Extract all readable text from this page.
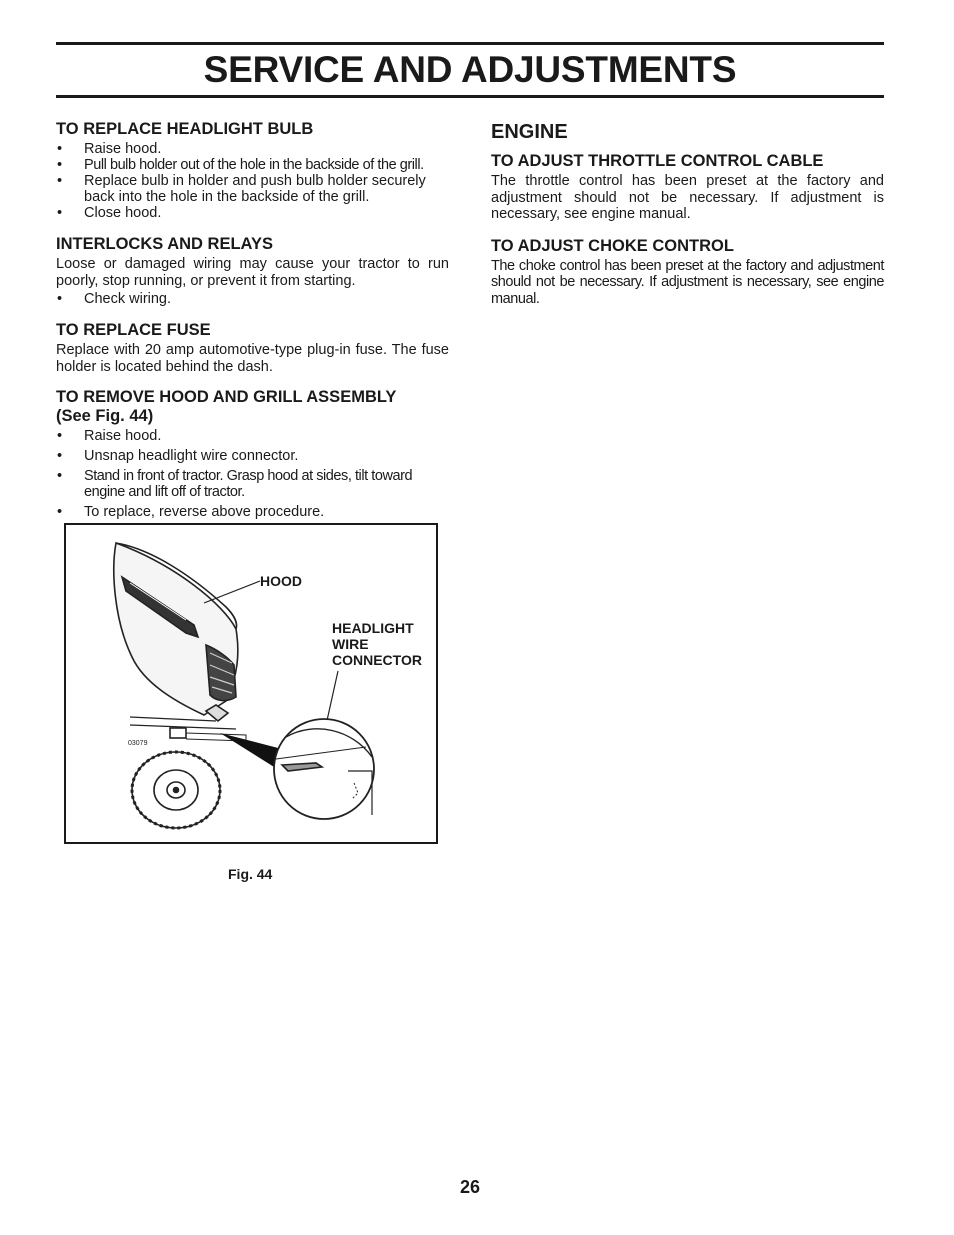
SERVICE AND ADJUSTMENTS
TO REPLACE HEADLIGHT BULB
• Raise hood.
• Pull bulb holder out of the hole in the backside of the grill.
• Replace bulb in holder and push bulb holder securely back into the hole in the backside of the grill.
• Close hood.
INTERLOCKS AND RELAYS

Loose or damaged wiring may cause your tractor to run poorly, stop running, or prevent it from starting.

• Check wiring.
TO REPLACE FUSE

Replace with 20 amp automotive-type plug-in fuse. The fuse holder is located behind the dash.

TO REMOVE HOOD AND GRILL ASSEMBLY
(See Fig. 44)
• Raise hood.
• Unsnap headlight wire connector.
• Stand in front of tractor. Grasp hood at sides, tilt toward engine and lift off of tractor.
• To replace, reverse above procedure.
ENGINE
TO ADJUST THROTTLE CONTROL CABLE

The throttle control has been preset at the factory and adjustment should not be necessary. If adjustment is necessary, see engine manual.

TO ADJUST CHOKE CONTROL

The choke control has been preset at the factory and adjustment should not be necessary. If adjustment is necessary, see engine manual.

HOOD
HEADLIGHT
WIRE
CONNECTOR
03079
Fig. 44
26
